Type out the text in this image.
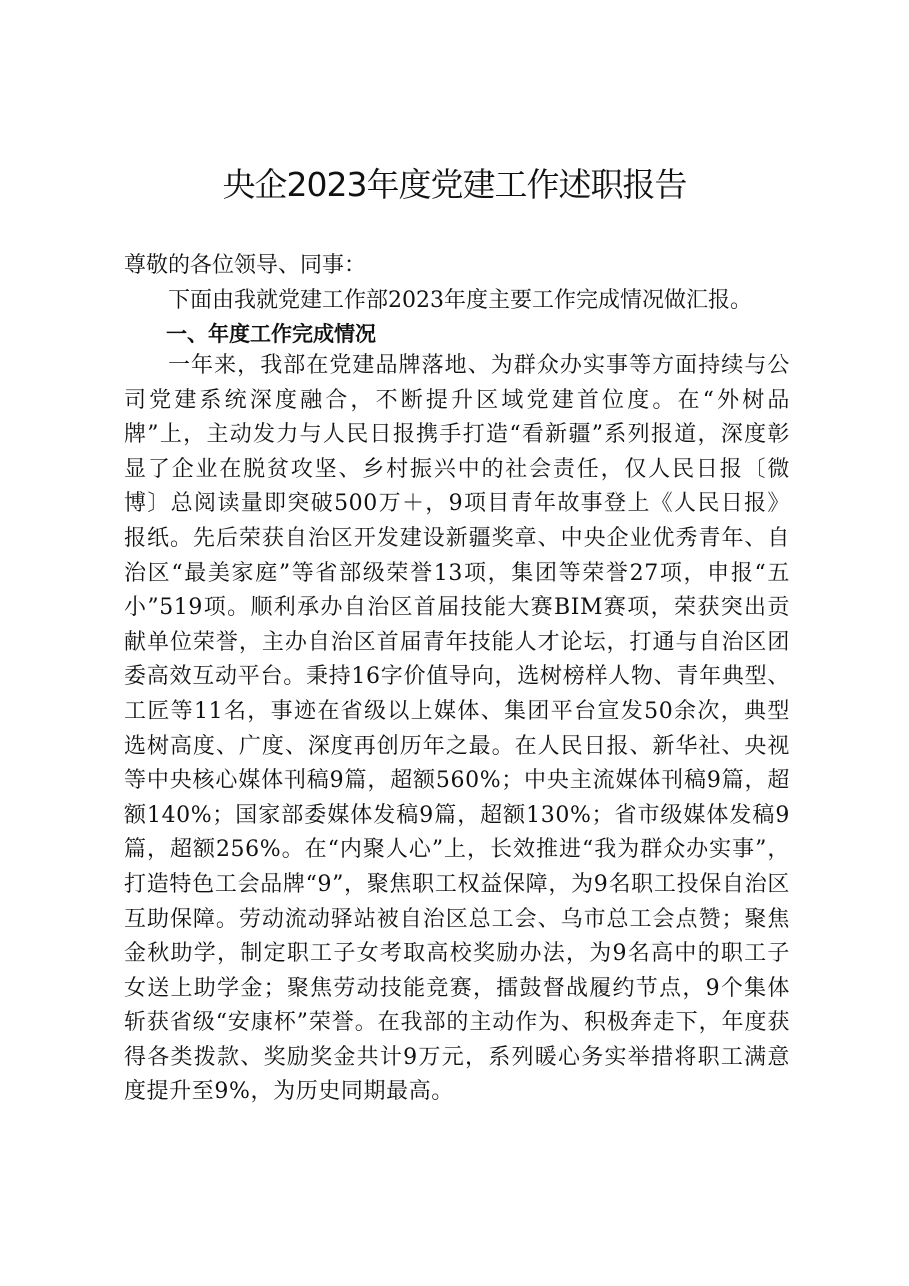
央企2023年度党建工作述职报告
尊敬的各位领导、同事：
下面由我就党建工作部2023年度主要工作完成情况做汇报。
一、年度工作完成情况
一年来，我部在党建品牌落地、为群众办实事等方面持续与公司党建系统深度融合，不断提升区域党建首位度。在“外树品牌”上，主动发力与人民日报携手打造“看新疆”系列报道，深度彰显了企业在脱贫攻坚、乡村振兴中的社会责任，仅人民日报〔微博〕总阅读量即突破500万＋，9项目青年故事登上《人民日报》报纸。先后荣获自治区开发建设新疆奖章、中央企业优秀青年、自治区“最美家庭”等省部级荣誉13项，集团等荣誉27项，申报“五小”519项。顺利承办自治区首届技能大赛BIM赛项，荣获突出贡献单位荣誉，主办自治区首届青年技能人才论坛，打通与自治区团委高效互动平台。秉持16字价值导向，选树榜样人物、青年典型、工匠等11名，事迹在省级以上媒体、集团平台宣发50余次，典型选树高度、广度、深度再创历年之最。在人民日报、新华社、央视等中央核心媒体刊稿9篇，超额560%；中央主流媒体刊稿9篇，超额140%；国家部委媒体发稿9篇，超额130%；省市级媒体发稿9篇，超额256%。在“内聚人心”上，长效推进“我为群众办实事”，打造特色工会品牌“9”，聚焦职工权益保障，为9名职工投保自治区互助保障。劳动流动驿站被自治区总工会、乌市总工会点赞；聚焦金秋助学，制定职工子女考取高校奖励办法，为9名高中的职工子女送上助学金；聚焦劳动技能竞赛，擂鼓督战履约节点，9个集体斩获省级“安康杯”荣誉。在我部的主动作为、积极奔走下，年度获得各类拨款、奖励奖金共计9万元，系列暖心务实举措将职工满意度提升至9%，为历史同期最高。
